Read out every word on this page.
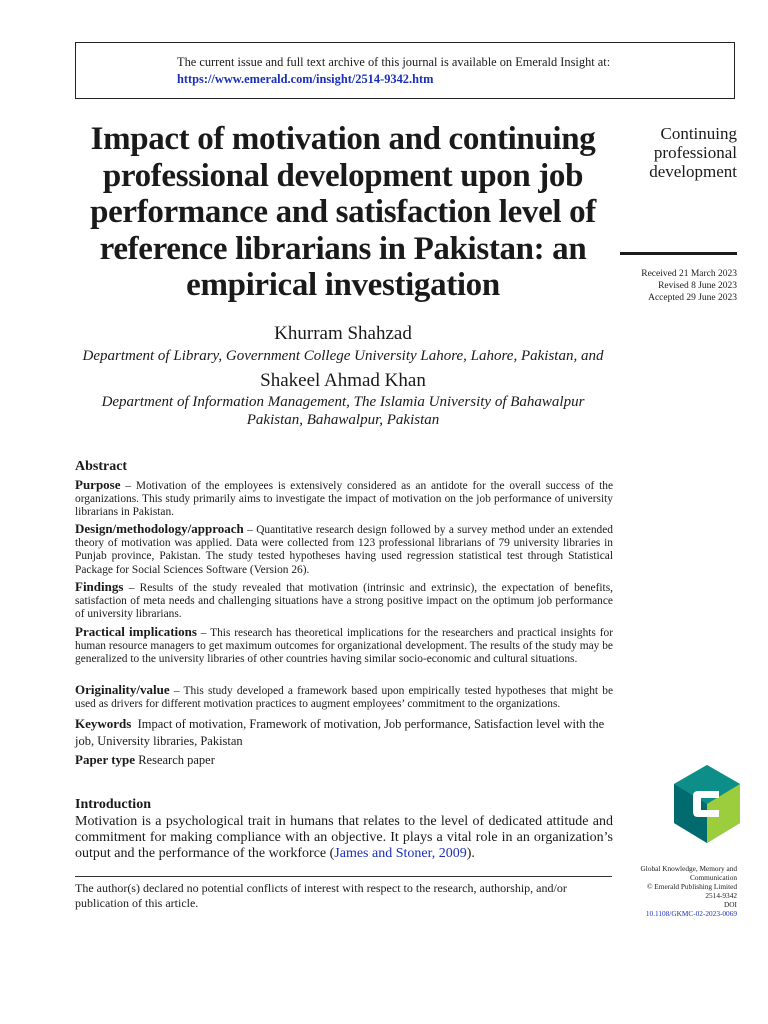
The current issue and full text archive of this journal is available on Emerald Insight at:
https://www.emerald.com/insight/2514-9342.htm
Impact of motivation and continuing professional development upon job performance and satisfaction level of reference librarians in Pakistan: an empirical investigation
Khurram Shahzad
Department of Library, Government College University Lahore, Lahore, Pakistan, and
Shakeel Ahmad Khan
Department of Information Management, The Islamia University of Bahawalpur Pakistan, Bahawalpur, Pakistan
Continuing professional development
Received 21 March 2023
Revised 8 June 2023
Accepted 29 June 2023
Abstract

Purpose – Motivation of the employees is extensively considered as an antidote for the overall success of the organizations. This study primarily aims to investigate the impact of motivation on the job performance of university librarians in Pakistan.

Design/methodology/approach – Quantitative research design followed by a survey method under an extended theory of motivation was applied. Data were collected from 123 professional librarians of 79 university libraries in Punjab province, Pakistan. The study tested hypotheses having used regression statistical test through Statistical Package for Social Sciences Software (Version 26).

Findings – Results of the study revealed that motivation (intrinsic and extrinsic), the expectation of benefits, satisfaction of meta needs and challenging situations have a strong positive impact on the optimum job performance of university librarians.

Practical implications – This research has theoretical implications for the researchers and practical insights for human resource managers to get maximum outcomes for organizational development. The results of the study may be generalized to the university libraries of other countries having similar socio-economic and cultural situations.

Originality/value – This study developed a framework based upon empirically tested hypotheses that might be used as drivers for different motivation practices to augment employees’ commitment to the organizations.

Keywords Impact of motivation, Framework of motivation, Job performance, Satisfaction level with the job, University libraries, Pakistan

Paper type Research paper

Introduction

Motivation is a psychological trait in humans that relates to the level of dedicated attitude and commitment for making compliance with an objective. It plays a vital role in an organization’s output and the performance of the workforce (James and Stoner, 2009).

The author(s) declared no potential conflicts of interest with respect to the research, authorship, and/or publication of this article.

Global Knowledge, Memory and Communication
© Emerald Publishing Limited
2514-9342
DOI
10.1108/GKMC-02-2023-0069
